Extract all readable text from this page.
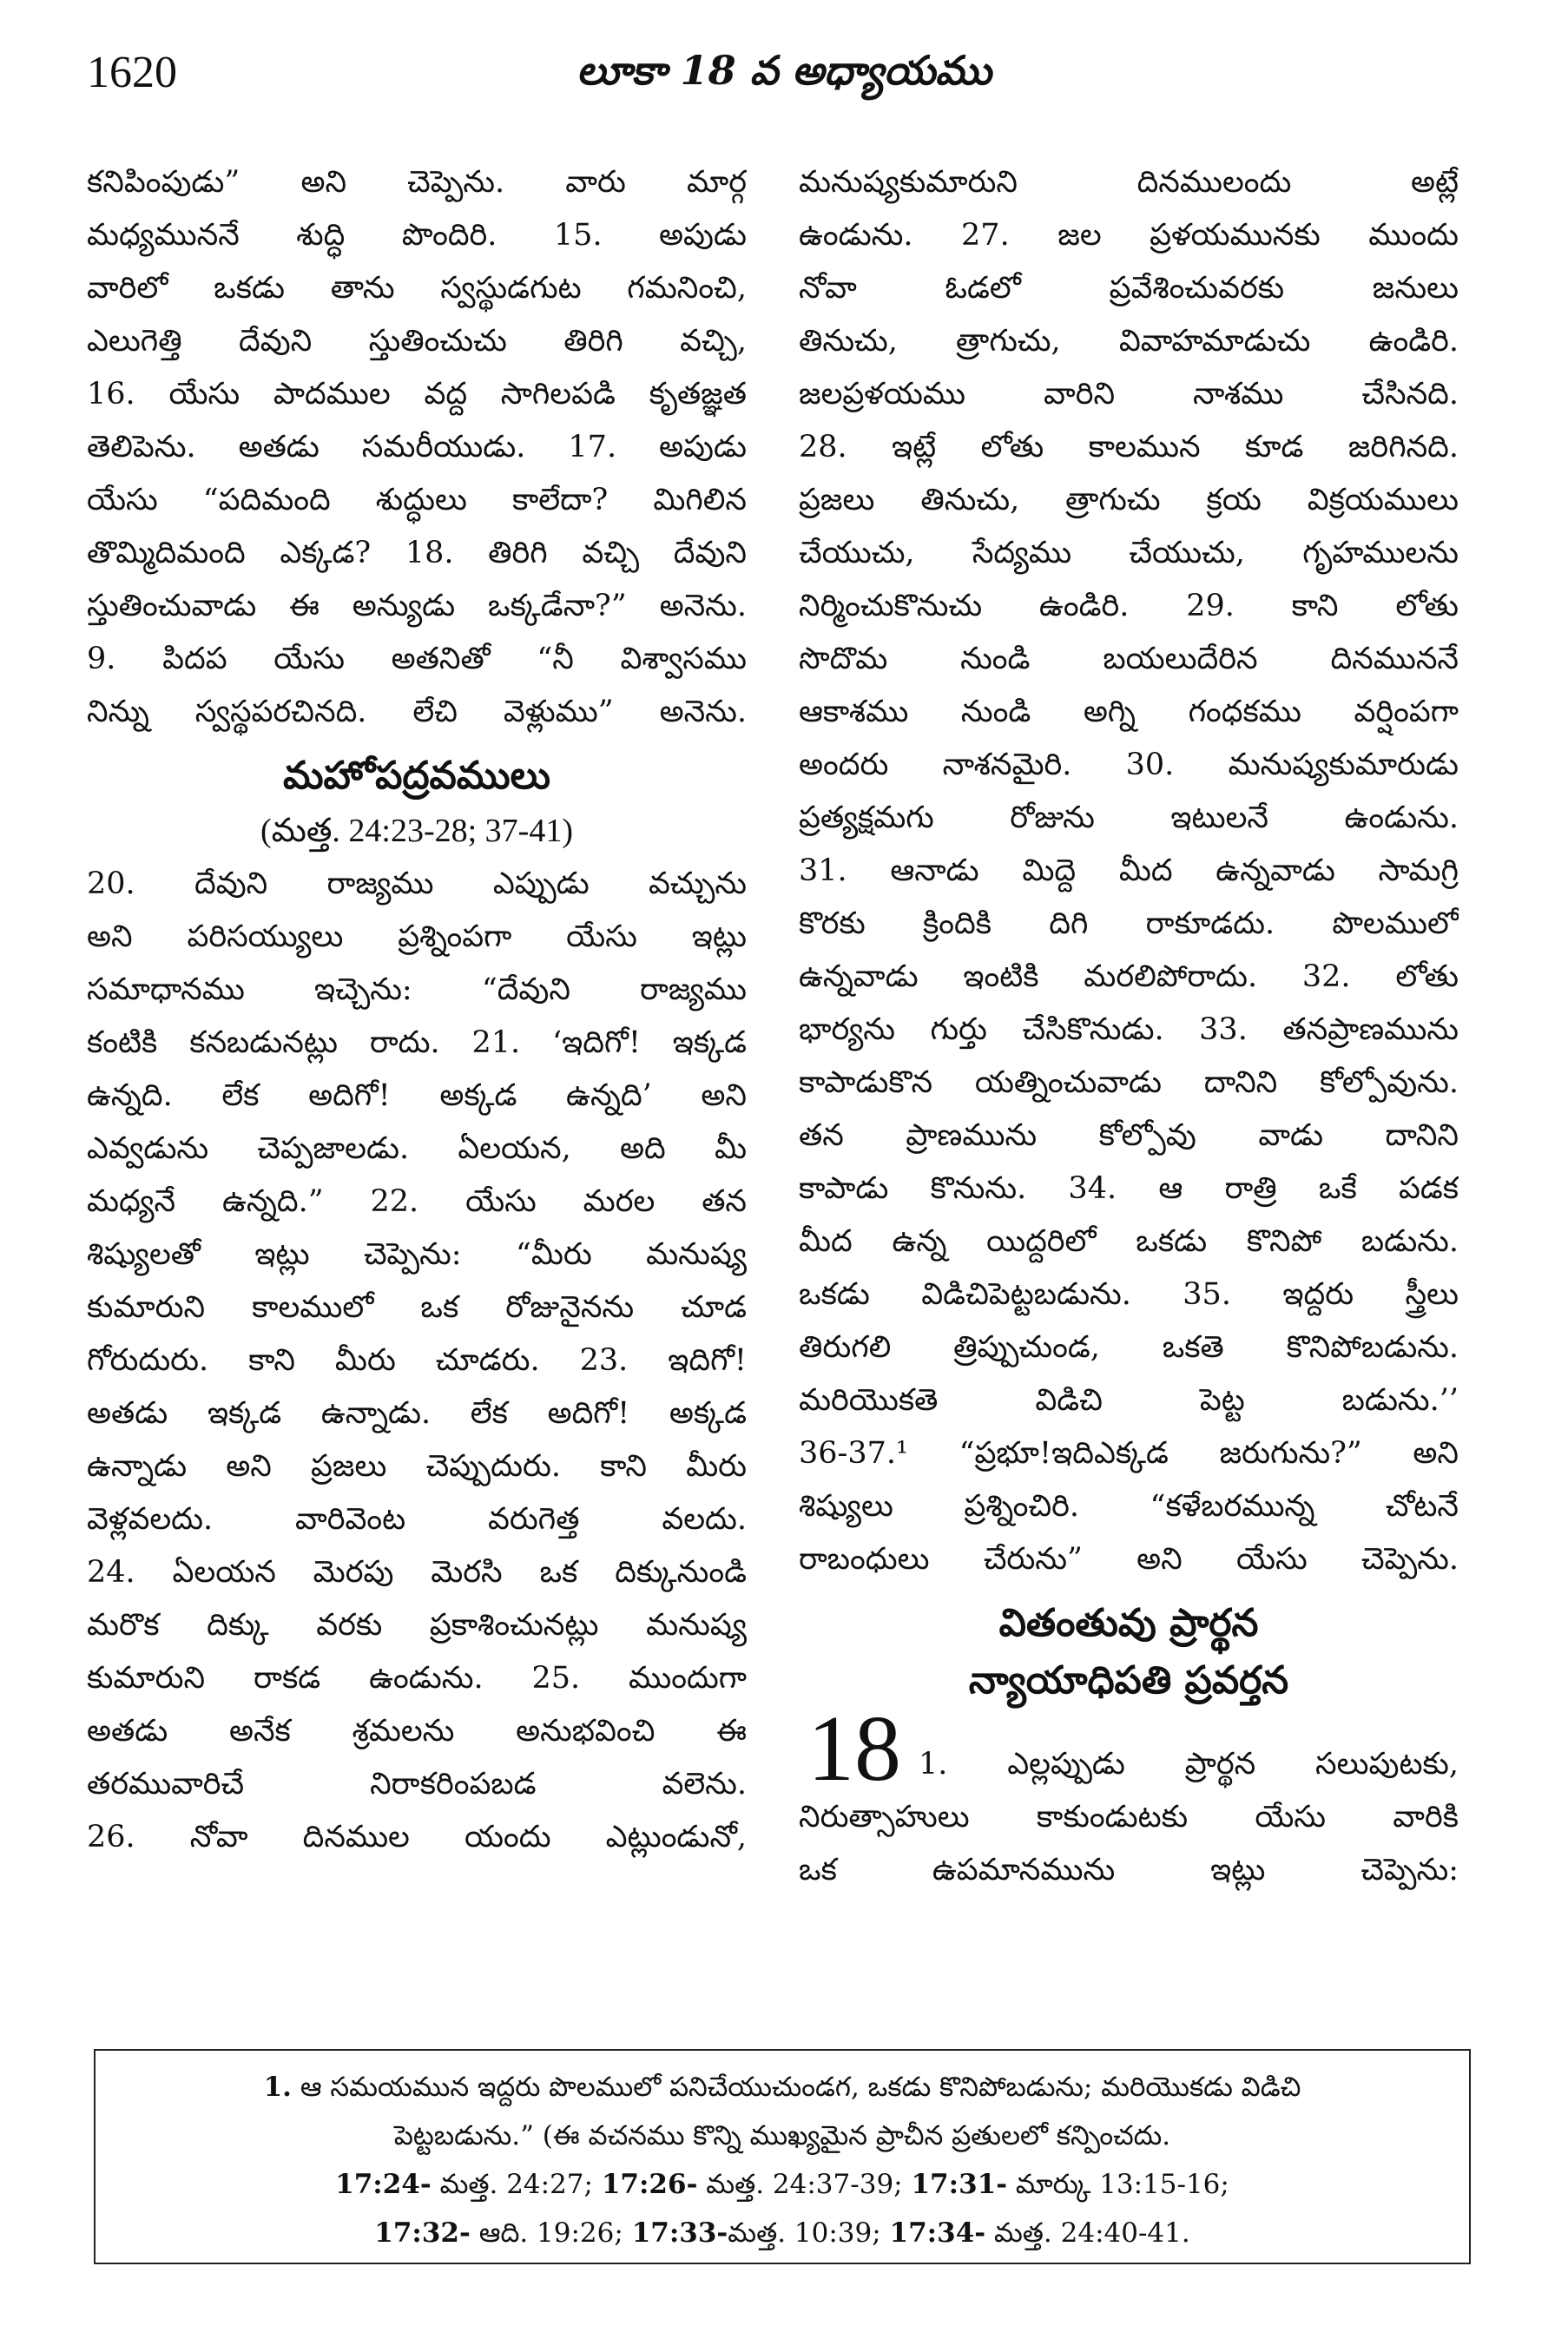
1620	లూకా 18 వ అధ్యాయము
కనిపింపుడు” అని చెప్పెను. వారు మార్గ
మధ్యముననే శుద్ధి పొందిరి. 15. అపుడు
వారిలో ఒకడు తాను స్వస్థుడగుట గమనించి,
ఎలుగెత్తి దేవుని స్తుతించుచు తిరిగి వచ్చి,
16. యేసు పాదముల వద్ద సాగిలపడి కృతజ్ఞత
తెలిపెను. అతడు సమరీయుడు. 17. అపుడు
యేసు “పదిమంది శుద్ధులు కాలేదా? మిగిలిన
తొమ్మిదిమంది ఎక్కడ? 18. తిరిగి వచ్చి దేవుని
స్తుతించువాడు ఈ అన్యుడు ఒక్కడేనా?” అనెను.
9. పిదప యేసు అతనితో “నీ విశ్వాసము
నిన్ను స్వస్థపరచినది. లేచి వెళ్లుము” అనెను.
మహోపద్రవములు
(మత్త. 24:23-28; 37-41)
20. దేవుని రాజ్యము ఎప్పుడు వచ్చును
అని పరిసయ్యులు ప్రశ్నింపగా యేసు ఇట్లు
సమాధానము ఇచ్చెను: “దేవుని రాజ్యము
కంటికి కనబడునట్లు రాదు. 21. ‘ఇదిగో! ఇక్కడ
ఉన్నది. లేక అదిగో! అక్కడ ఉన్నది’ అని
ఎవ్వడును చెప్పజాలడు. ఏలయన, అది మీ
మధ్యనే ఉన్నది.” 22. యేసు మరల తన
శిష్యులతో ఇట్లు చెప్పెను: “మీరు మనుష్య
కుమారుని కాలములో ఒక రోజునైనను చూడ
గోరుదురు. కాని మీరు చూడరు. 23. ఇదిగో!
అతడు ఇక్కడ ఉన్నాడు. లేక అదిగో! అక్కడ
ఉన్నాడు అని ప్రజలు చెప్పుదురు. కాని మీరు
వెళ్లవలదు. వారివెంట వరుగెత్త వలదు.
24. ఏలయన మెరపు మెరసి ఒక దిక్కునుండి
మరొక దిక్కు వరకు ప్రకాశించునట్లు మనుష్య
కుమారుని రాకడ ఉండును. 25. ముందుగా
అతడు అనేక శ్రమలను అనుభవించి ఈ
తరమువారిచే నిరాకరింపబడ వలెను.
26. నోవా దినముల యందు ఎట్లుండునో,
మనుష్యకుమారుని దినములందు అట్లే
ఉండును. 27. జల ప్రళయమునకు ముందు
నోవా ఓడలో ప్రవేశించువరకు జనులు
తినుచు, త్రాగుచు, వివాహమాడుచు ఉండిరి.
జలప్రళయము వారిని నాశము చేసినది.
28. ఇట్లే లోతు కాలమున కూడ జరిగినది.
ప్రజలు తినుచు, త్రాగుచు క్రయ విక్రయములు
చేయుచు, సేద్యము చేయుచు, గృహములను
నిర్మించుకొనుచు ఉండిరి. 29. కాని లోతు
సొదొమ నుండి బయలుదేరిన దినముననే
ఆకాశము నుండి అగ్ని గంధకము వర్షింపగా
అందరు నాశనమైరి. 30. మనుష్యకుమారుడు
ప్రత్యక్షమగు రోజును ఇటులనే ఉండును.
31. ఆనాడు మిద్దె మీద ఉన్నవాడు సామగ్రి
కొరకు క్రిందికి దిగి రాకూడదు. పొలములో
ఉన్నవాడు ఇంటికి మరలిపోరాదు. 32. లోతు
భార్యను గుర్తు చేసికొనుడు. 33. తనప్రాణమును
కాపాడుకొన యత్నించువాడు దానిని కోల్పోవును.
తన ప్రాణమును కోల్పోవు వాడు దానిని
కాపాడు కొనును. 34. ఆ రాత్రి ఒకే పడక
మీద ఉన్న యిద్దరిలో ఒకడు కొనిపో బడును.
ఒకడు విడిచిపెట్టబడును. 35. ఇద్దరు స్త్రీలు
తిరుగలి త్రిప్పుచుండ, ఒకతె కొనిపోబడును.
మరియొకతె విడిచి పెట్ట బడును.’’
36-37.¹ “ప్రభూ!ఇదిఎక్కడ జరుగును?” అని
శిష్యులు ప్రశ్నించిరి. “కళేబరమున్న చోటనే
రాబంధులు చేరును” అని యేసు చెప్పెను.
వితంతువు ప్రార్థన
న్యాయాధిపతి ప్రవర్తన
18 1. ఎల్లప్పుడు ప్రార్థన సలుపుటకు,
నిరుత్సాహులు కాకుండుటకు యేసు వారికి
ఒక ఉపమానమును ఇట్లు చెప్పెను:
1. ఆ సమయమున ఇద్దరు పొలములో పనిచేయుచుండగ, ఒకడు కొనిపోబడును; మరియొకడు విడిచి
పెట్టబడును.” (ఈ వచనము కొన్ని ముఖ్యమైన ప్రాచీన ప్రతులలో కన్పించదు.
17:24- మత్త. 24:27; 17:26- మత్త. 24:37-39; 17:31- మార్కు 13:15-16;
17:32- ఆది. 19:26; 17:33-మత్త. 10:39; 17:34- మత్త. 24:40-41.
